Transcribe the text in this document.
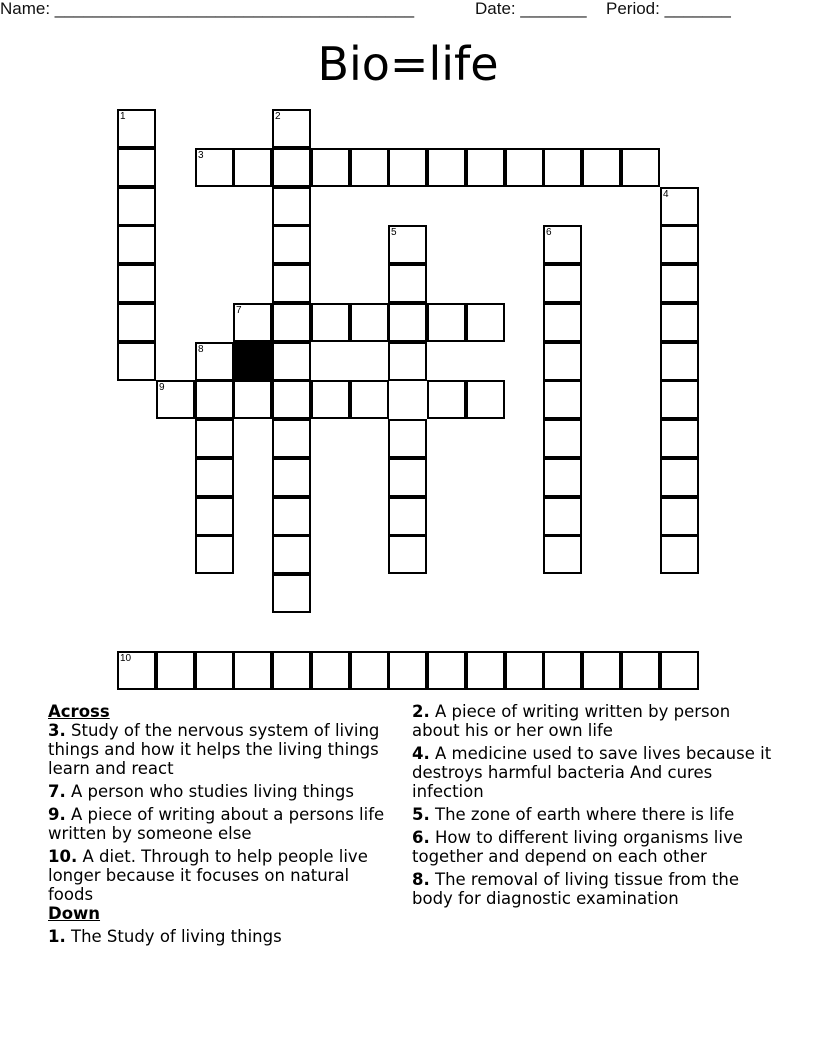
Name: ______________________________________	Date: _______ Period: _______
Bio=life
1	2
3
4
5	6
7
8
9
10

Across

3. Study of the nervous system of living things and how it helps the living things learn and react
7. A person who studies living things
9. A piece of writing about a persons life written by someone else
10. A diet. Through to help people live longer because it focuses on natural foods

Down

1. The Study of living things
2. A piece of writing written by person about his or her own life
4. A medicine used to save lives because it destroys harmful bacteria And cures infection
5. The zone of earth where there is life
6. How to different living organisms live together and depend on each other
8. The removal of living tissue from the body for diagnostic examination
